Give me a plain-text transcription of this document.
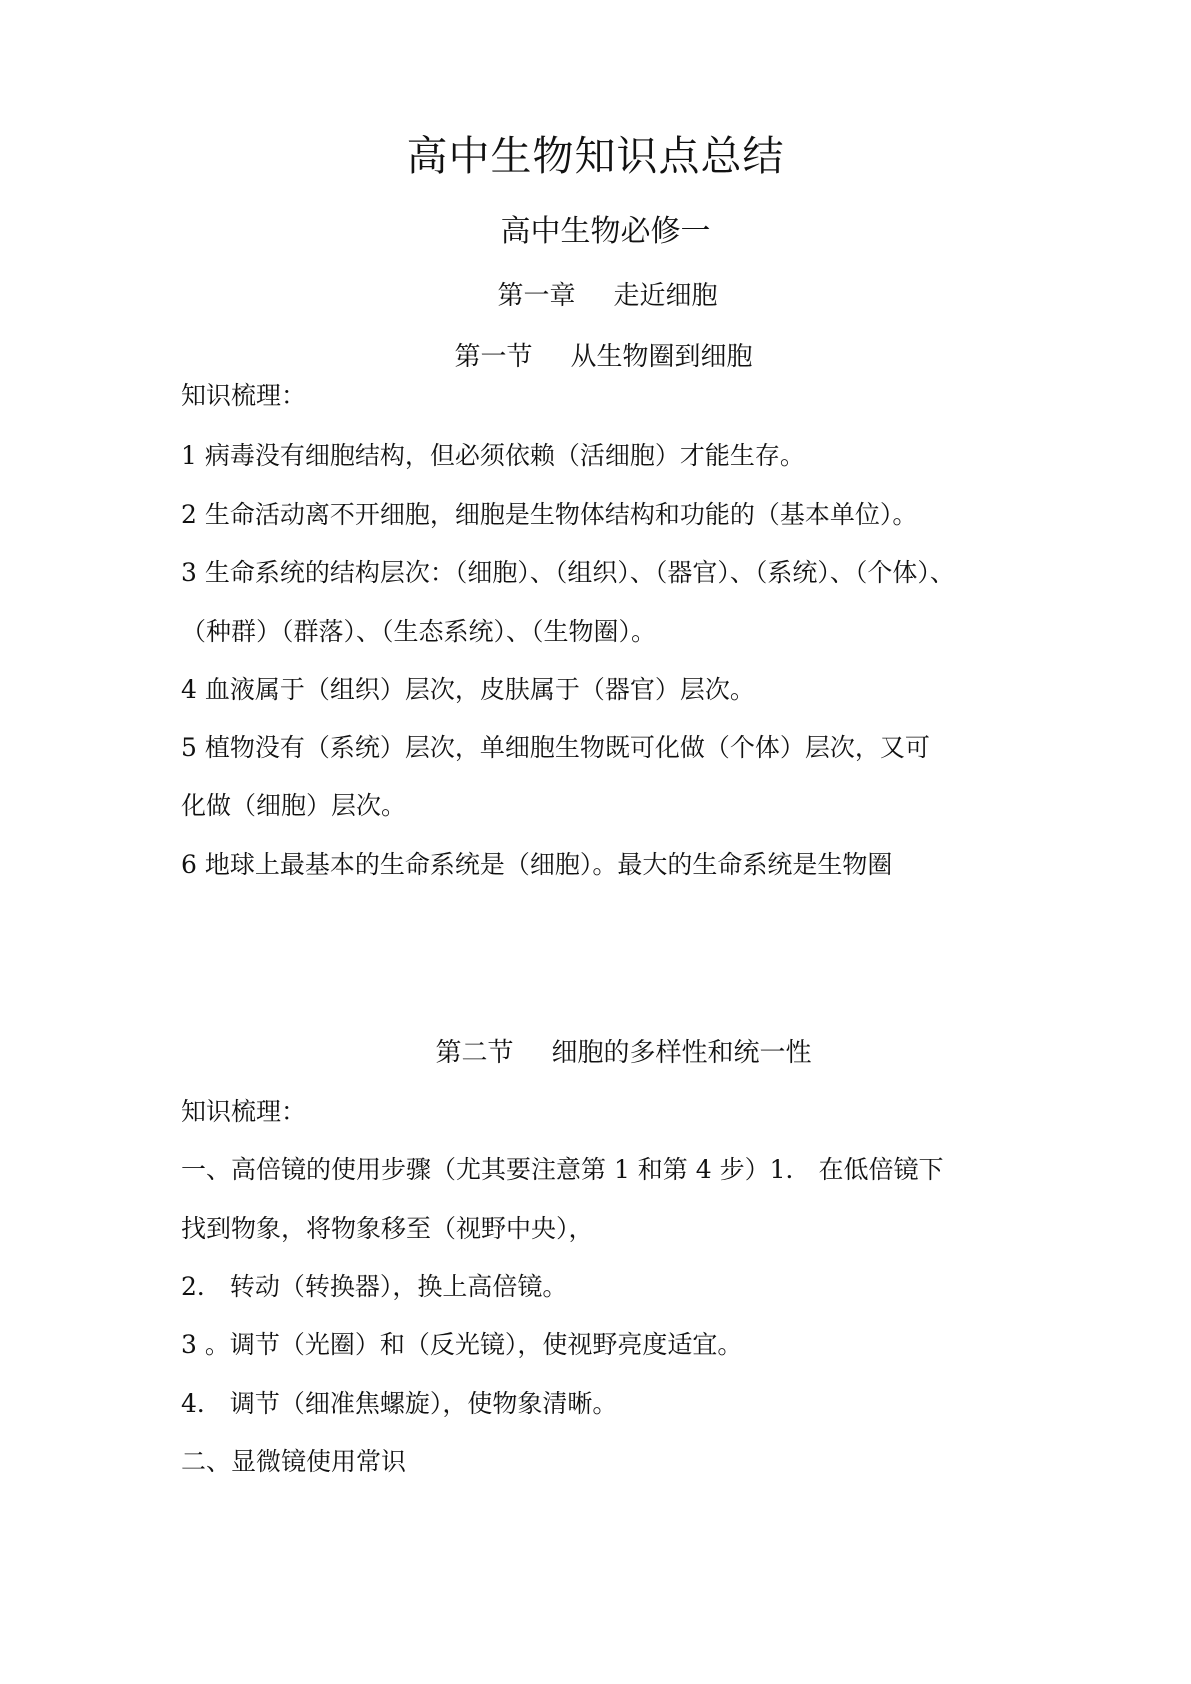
高中生物知识点总结
高中生物必修一
第一章 走近细胞
第一节 从生物圈到细胞
知识梳理：
1 病毒没有细胞结构，但必须依赖（活细胞）才能生存。
2 生命活动离不开细胞，细胞是生物体结构和功能的（基本单位）。
3 生命系统的结构层次：（细胞）、（组织）、（器官）、（系统）、（个体）、
（种群）（群落）、（生态系统）、（生物圈）。
4 血液属于（组织）层次，皮肤属于（器官）层次。
5 植物没有（系统）层次，单细胞生物既可化做（个体）层次，又可
化做（细胞）层次。
6 地球上最基本的生命系统是（细胞）。最大的生命系统是生物圈
第二节 细胞的多样性和统一性
知识梳理：
一、高倍镜的使用步骤（尤其要注意第 1 和第 4 步）1． 在低倍镜下
找到物象，将物象移至（视野中央），
2． 转动（转换器），换上高倍镜。
3 。调节（光圈）和（反光镜），使视野亮度适宜。
4． 调节（细准焦螺旋），使物象清晰。
二、显微镜使用常识
